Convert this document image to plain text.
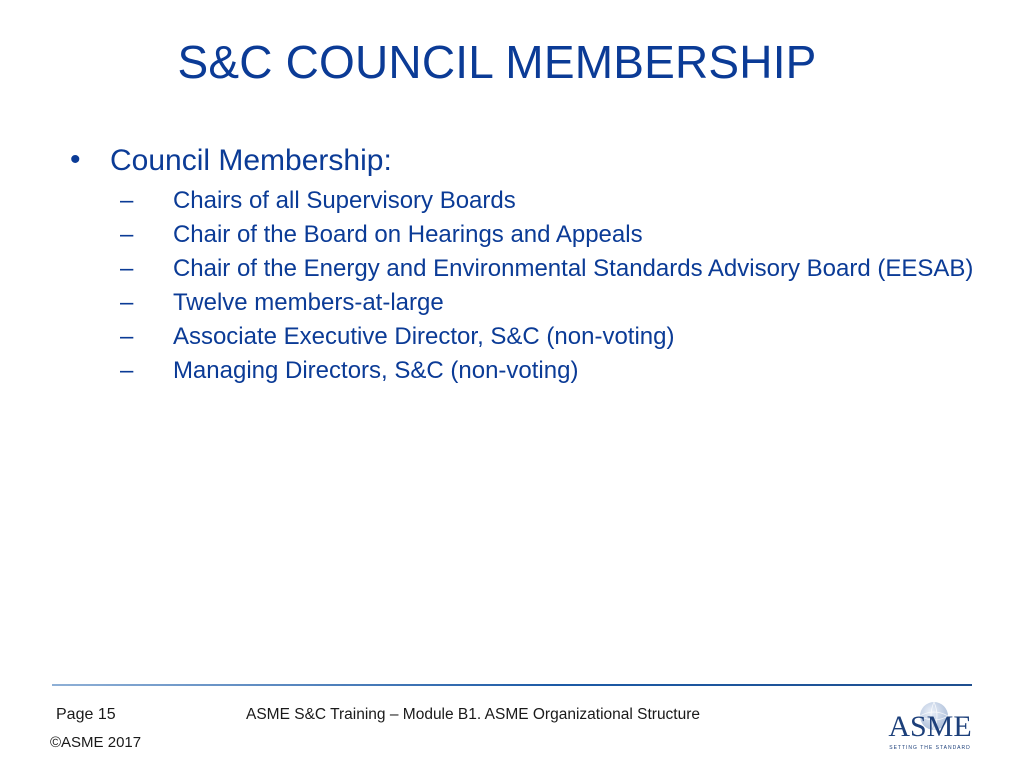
S&C COUNCIL MEMBERSHIP
• Council Membership:
–	Chairs of all Supervisory Boards
–	Chair of the Board on Hearings and Appeals
–	Chair of the Energy and Environmental Standards Advisory Board (EESAB)
–	Twelve members-at-large
–	Associate Executive Director, S&C (non-voting)
–	Managing Directors, S&C (non-voting)
Page 15
©ASME 2017
ASME S&C Training – Module B1. ASME Organizational Structure	ASME
SETTING THE STANDARD
